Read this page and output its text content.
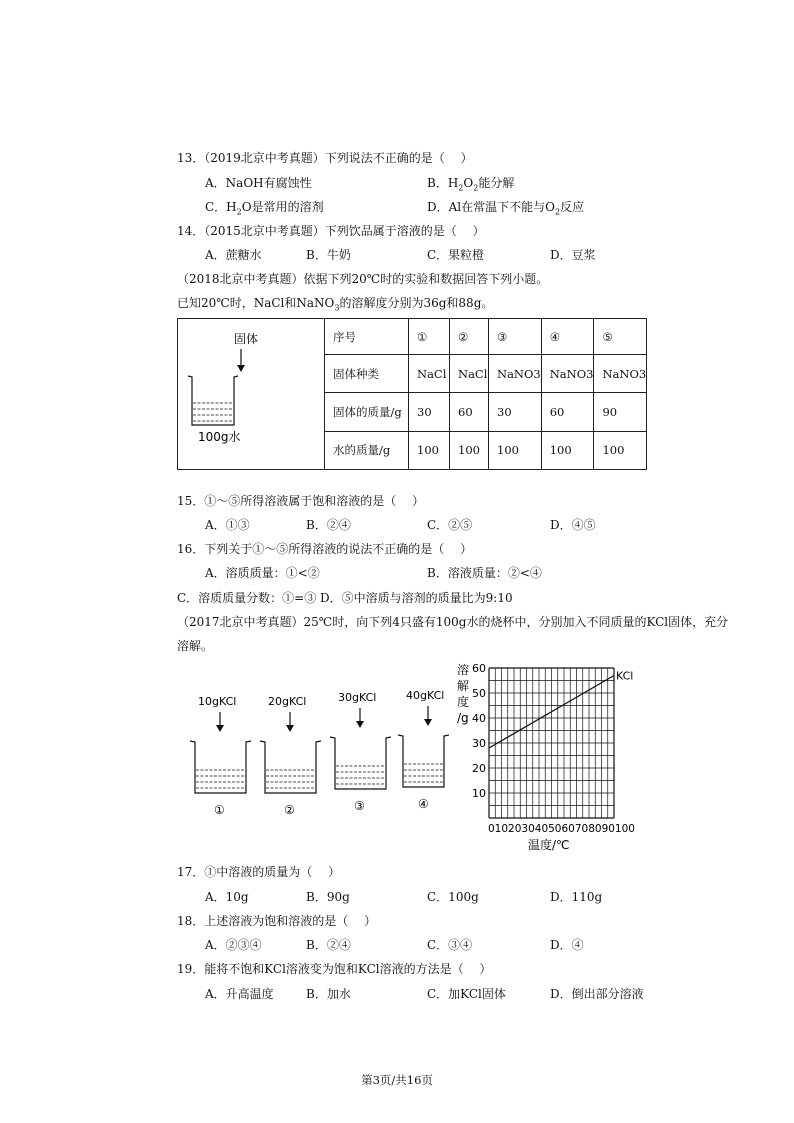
13．（2019北京中考真题）下列说法不正确的是（　 ）
A．NaOH有腐蚀性	B．$H_2O_2$能分解
C．$H_2O$是常用的溶剂	D．Al在常温下不能与$O_2$反应
14．（2015北京中考真题）下列饮品属于溶液的是（　 ）
A．蔗糖水	B．牛奶	C．果粒橙	D．豆浆
（2018北京中考真题）依据下列20℃时的实验和数据回答下列小题。
已知20℃时，NaCl和NaNO$_3$的溶解度分别为36g和88g。
固体
100g水	序号	①	②	③	④	⑤
	固体种类	NaCl	NaCl	NaNO3	NaNO3	NaNO3
	固体的质量/g	30	60	30	60	90
	水的质量/g	100	100	100	100	100
15．①～⑤所得溶液属于饱和溶液的是（　 ）
A．①③	B．②④	C．②⑤	D．④⑤
16．下列关于①～⑤所得溶液的说法不正确的是（　 ）
A．溶质质量：①<②	B．溶液质量：②<④
C．溶质质量分数：①=③ D．⑤中溶质与溶剂的质量比为9:10
（2017北京中考真题）25℃时，向下列4只盛有100g水的烧杯中，分别加入不同质量的KCl固体，充分
溶解。
10gKCl
①
20gKCl
②
30gKCl
③
40gKCl
④
溶
解
度
/g
10
20
30
40
50
60
0102030405060708090100
温度/℃
KCl
17．①中溶液的质量为（　 ）
A．10g	B．90g	C．100g	D．110g
18．上述溶液为饱和溶液的是（　 ）
A．②③④	B．②④	C．③④	D．④
19．能将不饱和KCl溶液变为饱和KCl溶液的方法是（　 ）
A．升高温度	B．加水	C．加KCl固体	D．倒出部分溶液
第3页/共16页
